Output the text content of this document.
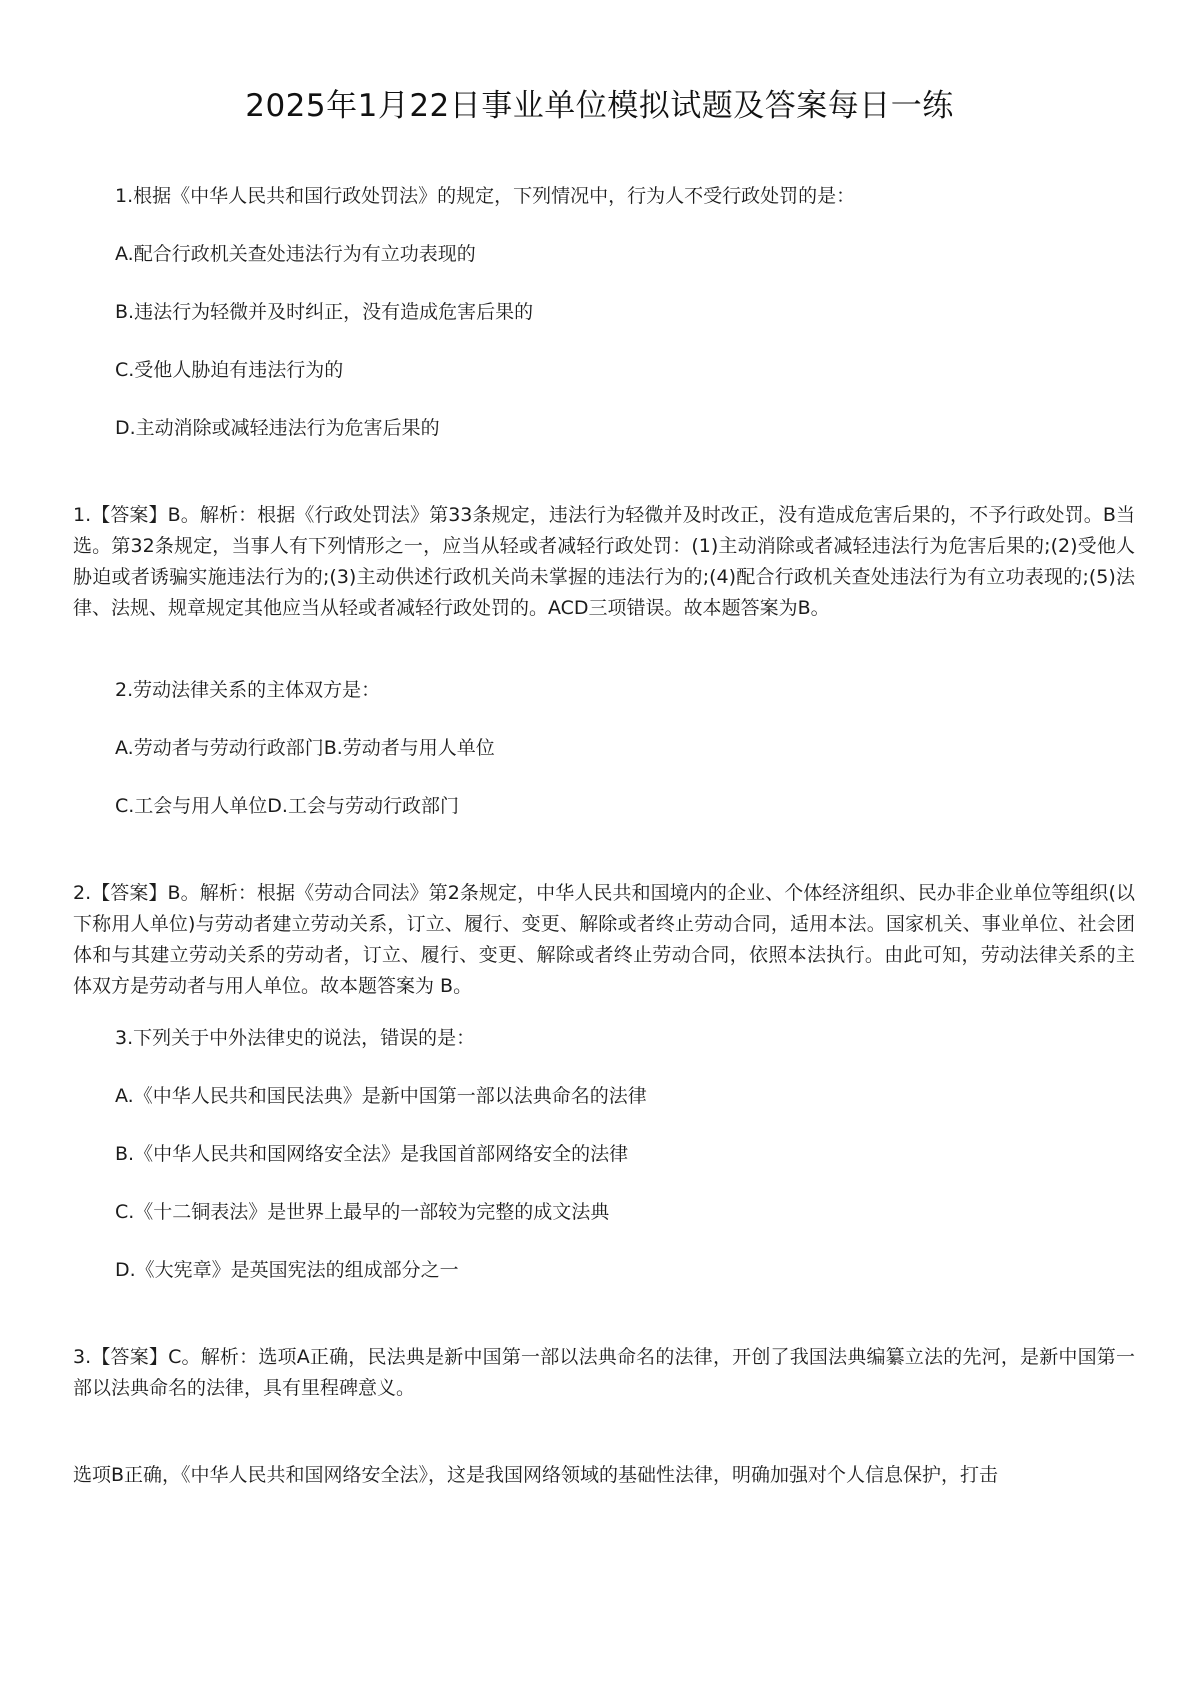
2025年1月22日事业单位模拟试题及答案每日一练
1.根据《中华人民共和国行政处罚法》的规定，下列情况中，行为人不受行政处罚的是：
A.配合行政机关查处违法行为有立功表现的
B.违法行为轻微并及时纠正，没有造成危害后果的
C.受他人胁迫有违法行为的
D.主动消除或减轻违法行为危害后果的
1.【答案】B。解析：根据《行政处罚法》第33条规定，违法行为轻微并及时改正，没有造成危害后果的，不予行政处罚。B当选。第32条规定，当事人有下列情形之一，应当从轻或者减轻行政处罚：(1)主动消除或者减轻违法行为危害后果的;(2)受他人胁迫或者诱骗实施违法行为的;(3)主动供述行政机关尚未掌握的违法行为的;(4)配合行政机关查处违法行为有立功表现的;(5)法律、法规、规章规定其他应当从轻或者减轻行政处罚的。ACD三项错误。故本题答案为B。
2.劳动法律关系的主体双方是：
A.劳动者与劳动行政部门B.劳动者与用人单位
C.工会与用人单位D.工会与劳动行政部门
2.【答案】B。解析：根据《劳动合同法》第2条规定，中华人民共和国境内的企业、个体经济组织、民办非企业单位等组织(以下称用人单位)与劳动者建立劳动关系，订立、履行、变更、解除或者终止劳动合同，适用本法。国家机关、事业单位、社会团体和与其建立劳动关系的劳动者，订立、履行、变更、解除或者终止劳动合同，依照本法执行。由此可知，劳动法律关系的主体双方是劳动者与用人单位。故本题答案为 B。
3.下列关于中外法律史的说法，错误的是：
A.《中华人民共和国民法典》是新中国第一部以法典命名的法律
B.《中华人民共和国网络安全法》是我国首部网络安全的法律
C.《十二铜表法》是世界上最早的一部较为完整的成文法典
D.《大宪章》是英国宪法的组成部分之一
3.【答案】C。解析：选项A正确，民法典是新中国第一部以法典命名的法律，开创了我国法典编纂立法的先河，是新中国第一部以法典命名的法律，具有里程碑意义。
选项B正确，《中华人民共和国网络安全法》，这是我国网络领域的基础性法律，明确加强对个人信息保护，打击
